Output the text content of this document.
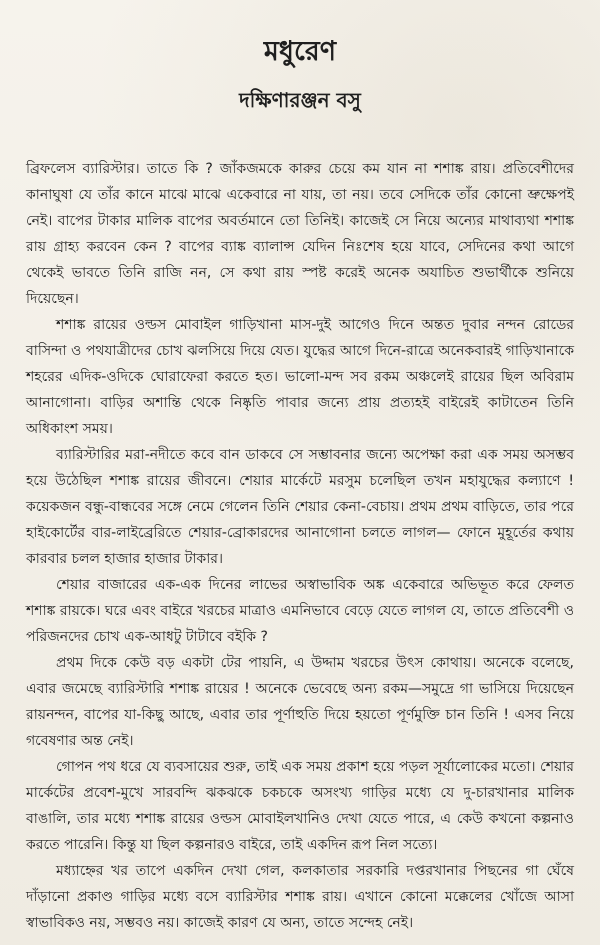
মধুরেণ
দক্ষিণারঞ্জন বসু

ব্রিফলেস ব্যারিস্টার। তাতে কি ? জাঁকজমকে কারুর চেয়ে কম যান না শশাঙ্ক রায়। প্রতিবেশীদের কানাঘুষা যে তাঁর কানে মাঝে মাঝে একেবারে না যায়, তা নয়। তবে সেদিকে তাঁর কোনো ভ্রুক্ষেপই নেই। বাপের টাকার মালিক বাপের অবর্তমানে তো তিনিই। কাজেই সে নিয়ে অন্যের মাথাব্যথা শশাঙ্ক রায় গ্রাহ্য করবেন কেন ? বাপের ব্যাঙ্ক ব্যালান্স যেদিন নিঃশেষ হয়ে যাবে, সেদিনের কথা আগে থেকেই ভাবতে তিনি রাজি নন, সে কথা রায় স্পষ্ট করেই অনেক অযাচিত শুভার্থীকে শুনিয়ে দিয়েছেন।

শশাঙ্ক রায়ের ওল্ডস মোবাইল গাড়িখানা মাস-দুই আগেও দিনে অন্তত দুবার নন্দন রোডের বাসিন্দা ও পথযাত্রীদের চোখ ঝলসিয়ে দিয়ে যেত। যুদ্ধের আগে দিনে-রাত্রে অনেকবারই গাড়িখানাকে শহরের এদিক-ওদিকে ঘোরাফেরা করতে হত। ভালো-মন্দ সব রকম অঞ্চলেই রায়ের ছিল অবিরাম আনাগোনা। বাড়ির অশান্তি থেকে নিষ্কৃতি পাবার জন্যে প্রায় প্রত্যহই বাইরেই কাটাতেন তিনি অধিকাংশ সময়।

ব্যারিস্টারির মরা-নদীতে কবে বান ডাকবে সে সম্ভাবনার জন্যে অপেক্ষা করা এক সময় অসম্ভব হয়ে উঠেছিল শশাঙ্ক রায়ের জীবনে। শেয়ার মার্কেটে মরসুম চলেছিল তখন মহাযুদ্ধের কল্যাণে ! কয়েকজন বন্ধু-বান্ধবের সঙ্গে নেমে গেলেন তিনি শেয়ার কেনা-বেচায়। প্রথম প্রথম বাড়িতে, তার পরে হাইকোর্টের বার-লাইব্রেরিতে শেয়ার-ব্রোকারদের আনাগোনা চলতে লাগল— ফোনে মুহূর্তের কথায় কারবার চলল হাজার হাজার টাকার।

শেয়ার বাজারের এক-এক দিনের লাভের অস্বাভাবিক অঙ্ক একেবারে অভিভূত করে ফেলত শশাঙ্ক রায়কে। ঘরে এবং বাইরে খরচের মাত্রাও এমনিভাবে বেড়ে যেতে লাগল যে, তাতে প্রতিবেশী ও পরিজনদের চোখ এক-আধটু টাটাবে বইকি ?

প্রথম দিকে কেউ বড় একটা টের পায়নি, এ উদ্দাম খরচের উৎস কোথায়। অনেকে বলেছে, এবার জমেছে ব্যারিস্টারি শশাঙ্ক রায়ের ! অনেকে ভেবেছে অন্য রকম—সমুদ্রে গা ভাসিয়ে দিয়েছেন রায়নন্দন, বাপের যা-কিছু আছে, এবার তার পূর্ণাহুতি দিয়ে হয়তো পূর্ণমুক্তি চান তিনি ! এসব নিয়ে গবেষণার অন্ত নেই।

গোপন পথ ধরে যে ব্যবসায়ের শুরু, তাই এক সময় প্রকাশ হয়ে পড়ল সূর্যালোকের মতো। শেয়ার মার্কেটের প্রবেশ-মুখে সারবন্দি ঝকঝকে চকচকে অসংখ্য গাড়ির মধ্যে যে দু-চারখানার মালিক বাঙালি, তার মধ্যে শশাঙ্ক রায়ের ওল্ডস মোবাইলখানিও দেখা যেতে পারে, এ কেউ কখনো কল্পনাও করতে পারেনি। কিন্তু যা ছিল কল্পনারও বাইরে, তাই একদিন রূপ নিল সত্যে।

মধ্যাহ্নের খর তাপে একদিন দেখা গেল, কলকাতার সরকারি দপ্তরখানার পিছনের গা ঘেঁষে দাঁড়ানো প্রকাণ্ড গাড়ির মধ্যে বসে ব্যারিস্টার শশাঙ্ক রায়। এখানে কোনো মক্কেলের খোঁজে আসা স্বাভাবিকও নয়, সম্ভবও নয়। কাজেই কারণ যে অন্য, তাতে সন্দেহ নেই।
